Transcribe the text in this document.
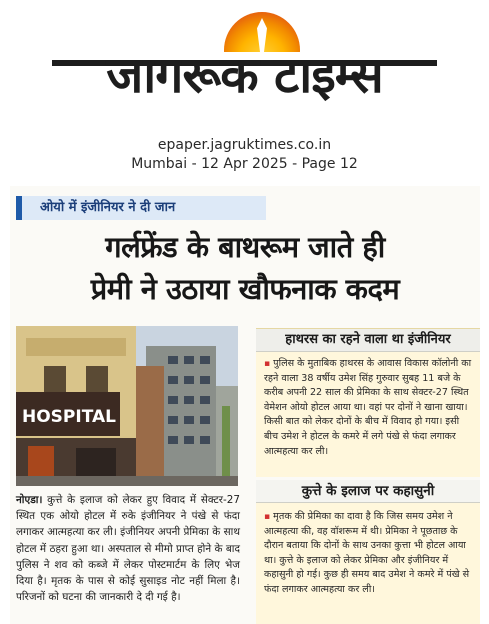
जागरूक टाइम्स
epaper.jagruktimes.co.in
Mumbai - 12 Apr 2025 - Page 12
ओयो में इंजीनियर ने दी जान
गर्लफ्रेंड के बाथरूम जाते ही
प्रेमी ने उठाया खौफनाक कदम
HOSPITAL
नोएडा। कुत्ते के इलाज को लेकर हुए विवाद में सेक्टर-27 स्थित एक ओयो होटल में रुके इंजीनियर ने पंखे से फंदा लगाकर आत्महत्या कर ली। इंजीनियर अपनी प्रेमिका के साथ होटल में ठहरा हुआ था। अस्पताल से मीमो प्राप्त होने के बाद पुलिस ने शव को कब्जे में लेकर पोस्टमार्टम के लिए भेज दिया है। मृतक के पास से कोई सुसाइड नोट नहीं मिला है। परिजनों को घटना की जानकारी दे दी गई है।
हाथरस का रहने वाला था इंजीनियर
▪ पुलिस के मुताबिक हाथरस के आवास विकास कॉलोनी का रहने वाला 38 वर्षीय उमेश सिंह गुरुवार सुबह 11 बजे के करीब अपनी 22 साल की प्रेमिका के साथ सेक्टर-27 स्थित वेमेशन ओयो होटल आया था। वहां पर दोनों ने खाना खाया। किसी बात को लेकर दोनों के बीच में विवाद हो गया। इसी बीच उमेश ने होटल के कमरे में लगे पंखे से फंदा लगाकर आत्महत्या कर ली।
कुत्ते के इलाज पर कहासुनी
▪ मृतक की प्रेमिका का दावा है कि जिस समय उमेश ने आत्महत्या की, वह वॉशरूम में थी। प्रेमिका ने पूछताछ के दौरान बताया कि दोनों के साथ उनका कुत्ता भी होटल आया था। कुत्ते के इलाज को लेकर प्रेमिका और इंजीनियर में कहासुनी हो गई। कुछ ही समय बाद उमेश ने कमरे में पंखे से फंदा लगाकर आत्महत्या कर ली।
